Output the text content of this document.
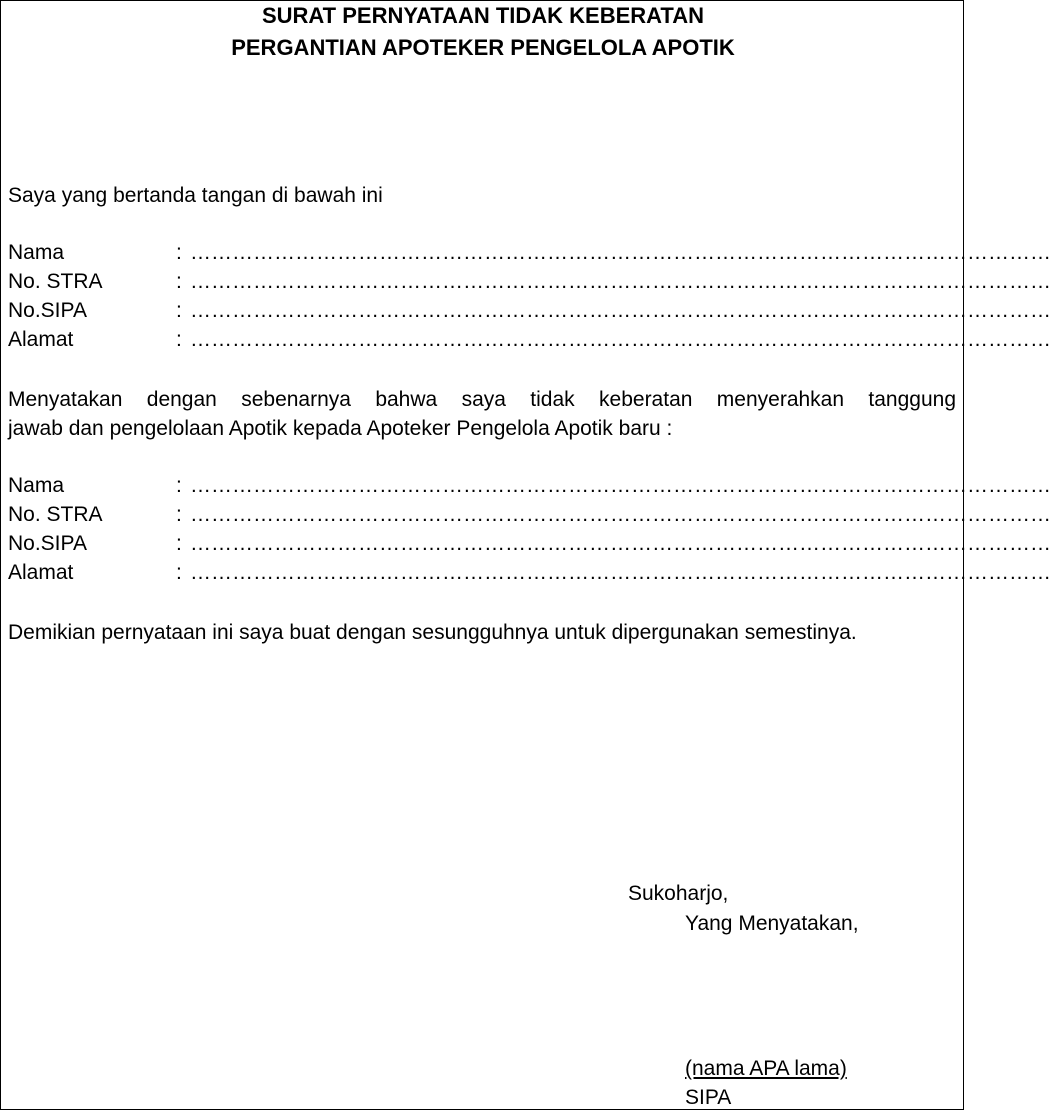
SURAT PERNYATAAN TIDAK KEBERATAN
PERGANTIAN APOTEKER PENGELOLA APOTIK
Saya yang bertanda tangan di bawah ini
Nama	: ……………………………………………………………………………………………………………
No. STRA	: ……………………………………………………………………………………………………………
No.SIPA	: ……………………………………………………………………………………………………………
Alamat	: ……………………………………………………………………………………………………………
Menyatakan dengan sebenarnya bahwa saya tidak keberatan menyerahkan tanggung
jawab dan pengelolaan Apotik kepada Apoteker Pengelola Apotik baru :
Nama	: ……………………………………………………………………………………………………………
No. STRA	: ……………………………………………………………………………………………………………
No.SIPA	: ……………………………………………………………………………………………………………
Alamat	: ……………………………………………………………………………………………………………
Demikian pernyataan ini saya buat dengan sesungguhnya untuk dipergunakan semestinya.
Sukoharjo,
Yang Menyatakan,
(nama APA lama)
SIPA
